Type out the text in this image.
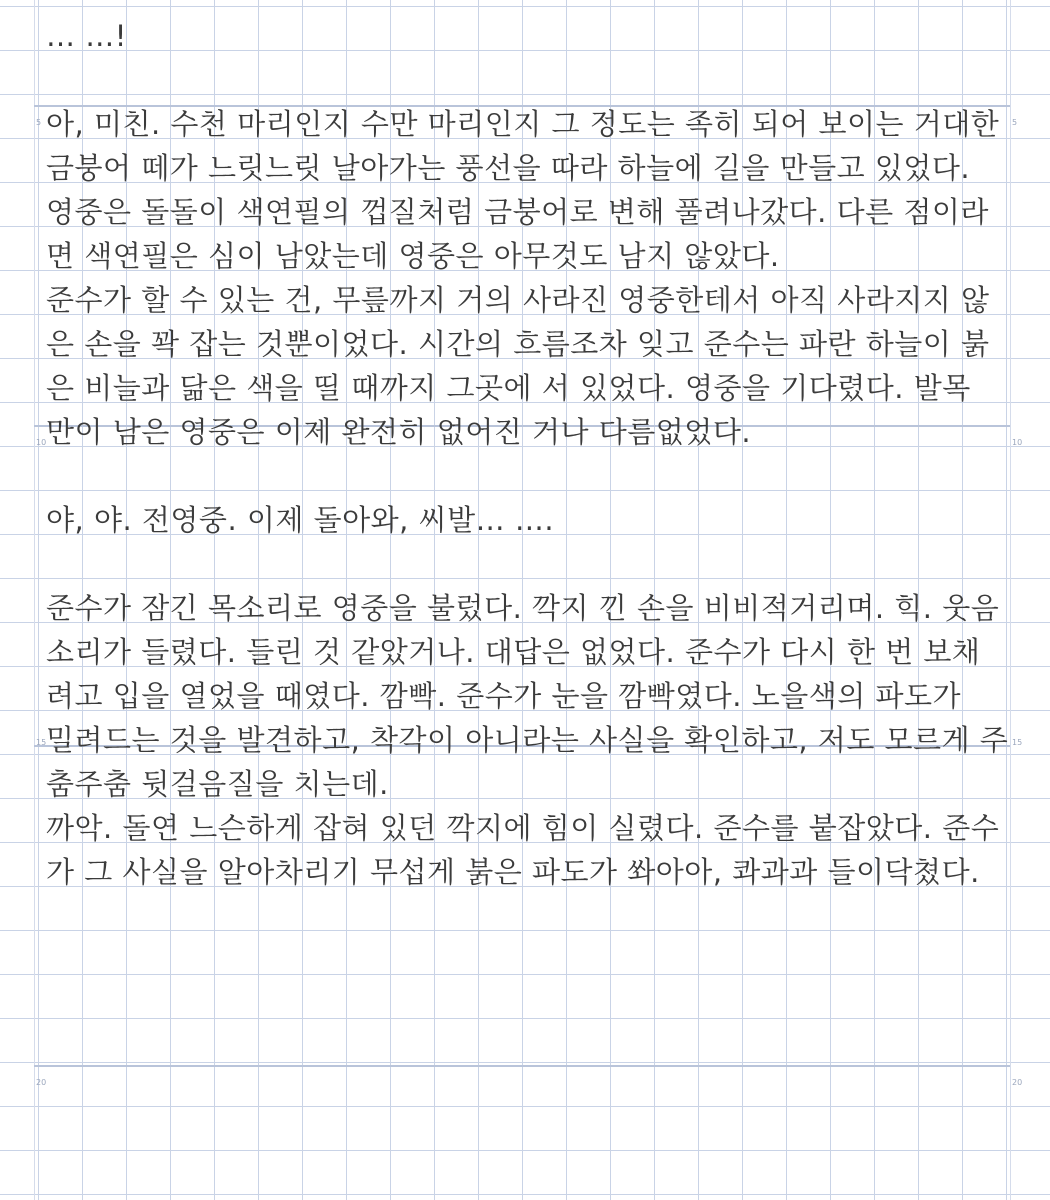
5	5
10	10
15	15
20	20
… …!
아, 미친. 수천 마리인지 수만 마리인지 그 정도는 족히 되어 보이는 거대한
금붕어 떼가 느릿느릿 날아가는 풍선을 따라 하늘에 길을 만들고 있었다.
영중은 돌돌이 색연필의 껍질처럼 금붕어로 변해 풀려나갔다. 다른 점이라
면 색연필은 심이 남았는데 영중은 아무것도 남지 않았다.
준수가 할 수 있는 건, 무릎까지 거의 사라진 영중한테서 아직 사라지지 않
은 손을 꽉 잡는 것뿐이었다. 시간의 흐름조차 잊고 준수는 파란 하늘이 붉
은 비늘과 닮은 색을 띨 때까지 그곳에 서 있었다. 영중을 기다렸다. 발목
만이 남은 영중은 이제 완전히 없어진 거나 다름없었다.
야, 야. 전영중. 이제 돌아와, 씨발… ….
준수가 잠긴 목소리로 영중을 불렀다. 깍지 낀 손을 비비적거리며. 힉. 웃음
소리가 들렸다. 들린 것 같았거나. 대답은 없었다. 준수가 다시 한 번 보채
려고 입을 열었을 때였다. 깜빡. 준수가 눈을 깜빡였다. 노을색의 파도가
밀려드는 것을 발견하고, 착각이 아니라는 사실을 확인하고, 저도 모르게 주
춤주춤 뒷걸음질을 치는데.
까악. 돌연 느슨하게 잡혀 있던 깍지에 힘이 실렸다. 준수를 붙잡았다. 준수
가 그 사실을 알아차리기 무섭게 붉은 파도가 쏴아아, 콰과과 들이닥쳤다.
